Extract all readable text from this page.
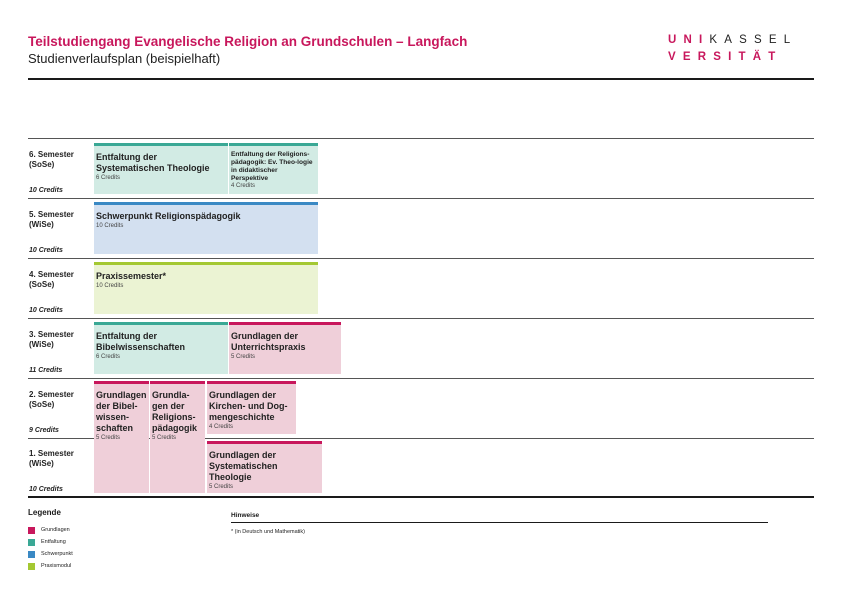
Teilstudiengang Evangelische Religion an Grundschulen – Langfach
Studienverlaufsplan (beispielhaft)
UNIKASSEL
VERSITÄT
6. Semester
(SoSe)
10 Credits
5. Semester
(WiSe)
10 Credits
4. Semester
(SoSe)
10 Credits
3. Semester
(WiSe)
11 Credits
2. Semester
(SoSe)
9 Credits
1. Semester
(WiSe)
10 Credits
Entfaltung der Systematischen Theologie
6 Credits
Entfaltung der Religions-pädagogik: Ev. Theo-logie in didaktischer Perspektive
4 Credits
Schwerpunkt Religionspädagogik
10 Credits
Praxissemester*
10 Credits
Entfaltung der Bibelwissenschaften
6 Credits
Grundlagen der Unterrichtspraxis
5 Credits
Grundlagen der Bibel-wissen-schaften
5 Credits
Grundla-gen der Religions-pädagogik
5 Credits
Grundlagen der Kirchen- und Dog-mengeschichte
4 Credits
Grundlagen der Systematischen Theologie
5 Credits
Legende
Grundlagen
Entfaltung
Schwerpunkt
Praxismodul
Hinweise
* (in Deutsch und Mathematik)
